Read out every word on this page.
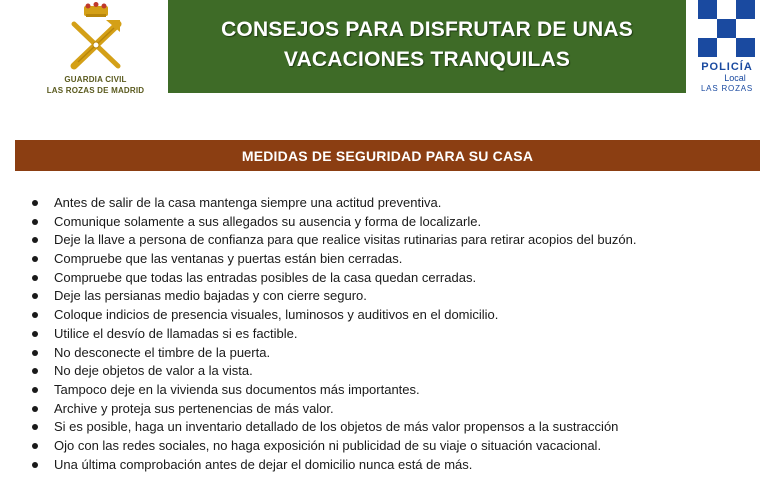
GUARDIA CIVIL
LAS ROZAS DE MADRID
CONSEJOS PARA DISFRUTAR DE UNAS
VACACIONES TRANQUILAS	POLICÍA
Local
LAS ROZAS
MEDIDAS DE SEGURIDAD PARA SU CASA
Antes de salir de la casa mantenga siempre una actitud preventiva.
Comunique solamente a sus allegados su ausencia y forma de localizarle.
Deje la llave a persona de confianza para que realice visitas rutinarias para retirar acopios del buzón.
Compruebe que las ventanas y puertas están bien cerradas.
Compruebe que todas las entradas posibles de la casa quedan cerradas.
Deje las persianas medio bajadas y con cierre seguro.
Coloque indicios de presencia visuales, luminosos y auditivos en el domicilio.
Utilice el desvío de llamadas si es factible.
No desconecte el timbre de la puerta.
No deje objetos de valor a la vista.
Tampoco deje en la vivienda sus documentos más importantes.
Archive y proteja sus pertenencias de más valor.
Si es posible, haga un inventario detallado de los objetos de más valor propensos a la sustracción
Ojo con las redes sociales, no haga exposición ni publicidad de su viaje o situación vacacional.
Una última comprobación antes de dejar el domicilio nunca está de más.
